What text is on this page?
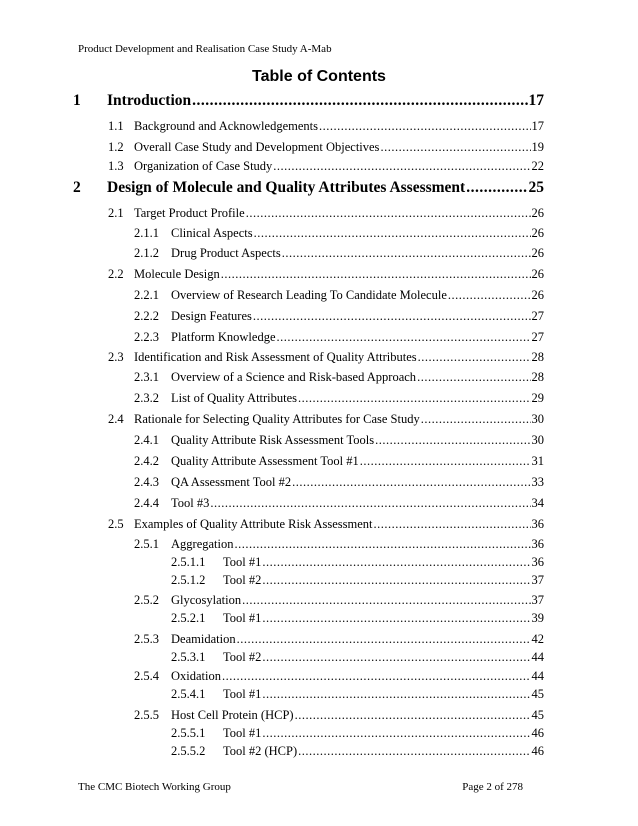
Product Development and Realisation Case Study A-Mab
Table of Contents
1	Introduction .....	17
1.1 Background and Acknowledgements .....	17
1.2 Overall Case Study and Development Objectives .....	19
1.3 Organization of Case Study .....	22
2	Design of Molecule and Quality Attributes Assessment .....	25
2.1 Target Product Profile .....	26
2.1.1 Clinical Aspects .....	26
2.1.2 Drug Product Aspects .....	26
2.2 Molecule Design .....	26
2.2.1 Overview of Research Leading To Candidate Molecule .....	26
2.2.2 Design Features .....	27
2.2.3 Platform Knowledge .....	27
2.3 Identification and Risk Assessment of Quality Attributes .....	28
2.3.1 Overview of a Science and Risk-based Approach .....	28
2.3.2 List of Quality Attributes .....	29
2.4 Rationale for Selecting Quality Attributes for Case Study .....	30
2.4.1 Quality Attribute Risk Assessment Tools .....	30
2.4.2 Quality Attribute Assessment Tool #1 .....	31
2.4.3 QA Assessment Tool #2 .....	33
2.4.4 Tool #3 .....	34
2.5 Examples of Quality Attribute Risk Assessment .....	36
2.5.1 Aggregation .....	36
2.5.1.1	Tool #1 .....	36
2.5.1.2	Tool #2 .....	37
2.5.2 Glycosylation .....	37
2.5.2.1	Tool #1 .....	39
2.5.3 Deamidation .....	42
2.5.3.1	Tool #2 .....	44
2.5.4 Oxidation .....	44
2.5.4.1	Tool #1 .....	45
2.5.5 Host Cell Protein (HCP) .....	45
2.5.5.1	Tool #1 .....	46
2.5.5.2	Tool #2 (HCP) .....	46
The CMC Biotech Working Group	Page 2 of 278
